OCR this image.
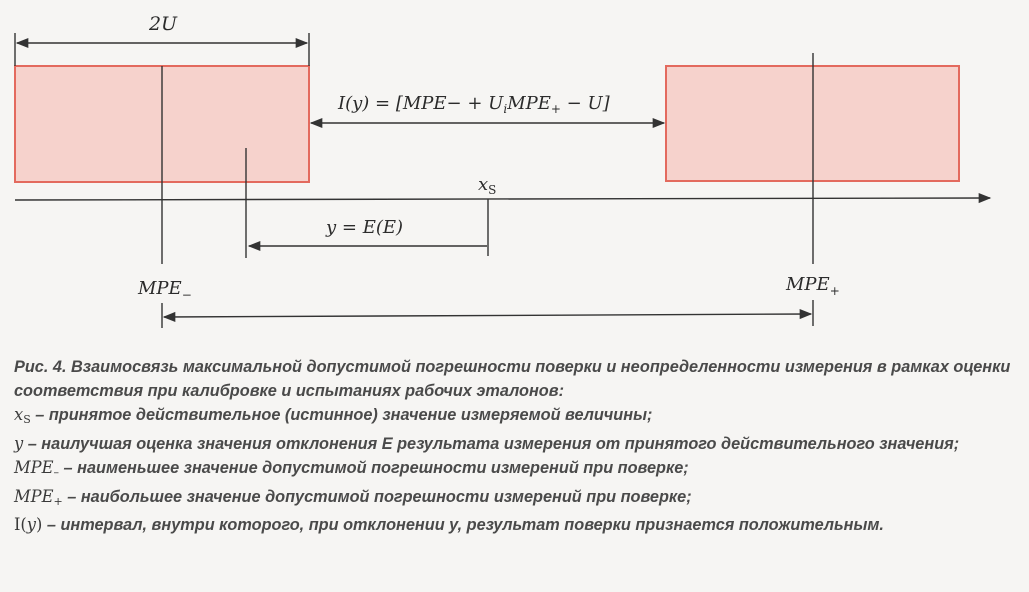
2U
$I(y) = [MPE- + U_iMPE_+ - U]$
$x_S$
y = E(E)
$MPE_-$	$MPE_+$

Рис. 4. Взаимосвязь максимальной допустимой погрешности поверки и неопределенности измерения в рамках оценки соответствия при калибровке и испытаниях рабочих эталонов:

$x_S$ – принятое действительное (истинное) значение измеряемой величины;

y – наилучшая оценка значения отклонения Е результата измерения от принятого действительного значения;

$MPE_-$ – наименьшее значение допустимой погрешности измерений при поверке;

$MPE_+$ – наибольшее значение допустимой погрешности измерений при поверке;

I(y) – интервал, внутри которого, при отклонении у, результат поверки признается положительным.
